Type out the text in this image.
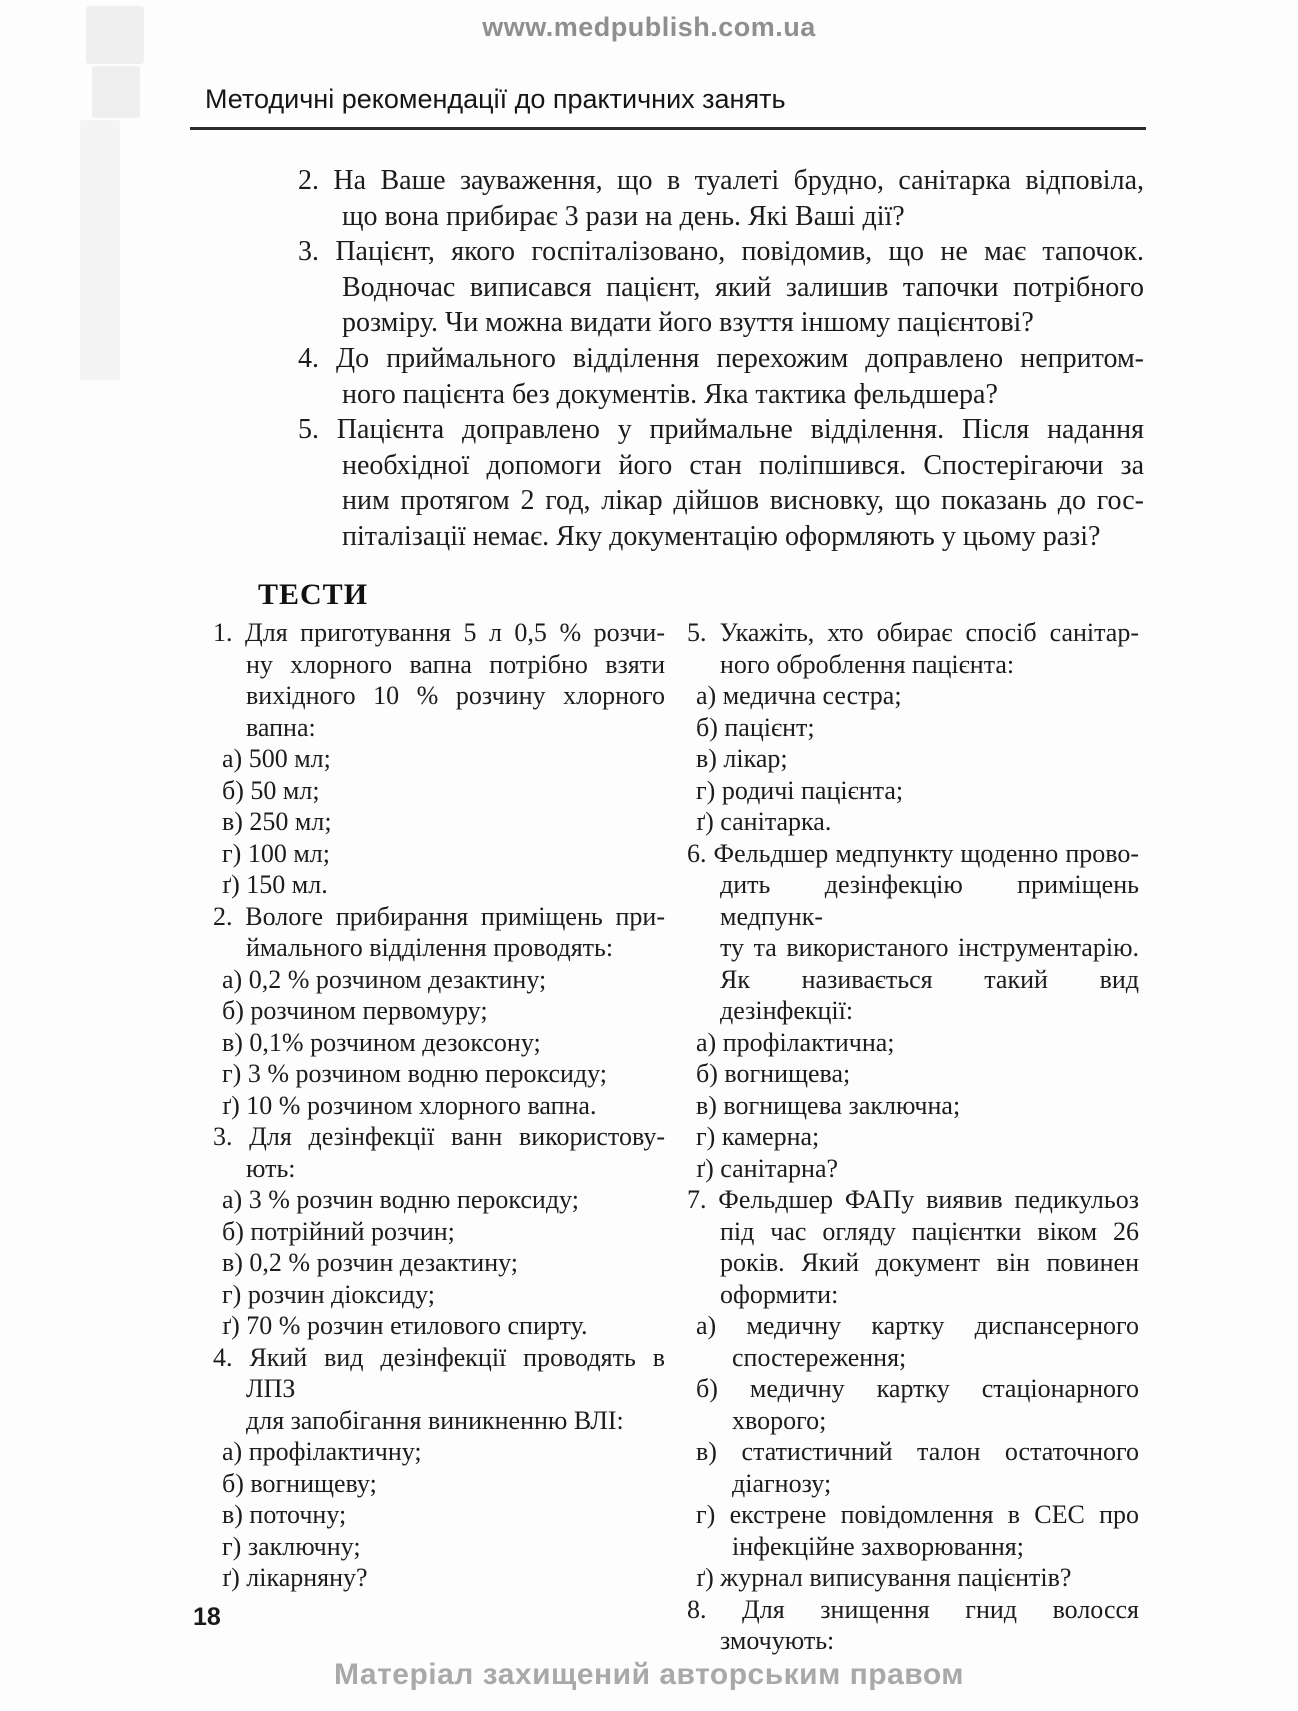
www.medpublish.com.ua
Методичні рекомендації до практичних занять
2. На Ваше зауваження, що в туалеті брудно, санітарка відповіла,
що вона прибирає 3 рази на день. Які Ваші дії?
3. Пацієнт, якого госпіталізовано, повідомив, що не має тапочок.
Водночас виписався пацієнт, який залишив тапочки потрібного
розміру. Чи можна видати його взуття іншому пацієнтові?
4. До приймального відділення перехожим доправлено непритом-
ного пацієнта без документів. Яка тактика фельдшера?
5. Пацієнта доправлено у приймальне відділення. Після надання
необхідної допомоги його стан поліпшився. Спостерігаючи за
ним протягом 2 год, лікар дійшов висновку, що показань до гос-
піталізації немає. Яку документацію оформляють у цьому разі?
ТЕСТИ
1. Для приготування 5 л 0,5 % розчи-
ну хлорного вапна потрібно взяти
вихідного 10 % розчину хлорного
вапна:
а) 500 мл;
б) 50 мл;
в) 250 мл;
г) 100 мл;
ґ) 150 мл.
2. Вологе прибирання приміщень при-
ймального відділення проводять:
а) 0,2 % розчином дезактину;
б) розчином первомуру;
в) 0,1% розчином дезоксону;
г) 3 % розчином водню пероксиду;
ґ) 10 % розчином хлорного вапна.
3. Для дезінфекції ванн використову-
ють:
а) 3 % розчин водню пероксиду;
б) потрійний розчин;
в) 0,2 % розчин дезактину;
г) розчин діоксиду;
ґ) 70 % розчин етилового спирту.
4. Який вид дезінфекції проводять в ЛПЗ
для запобігання виникненню ВЛІ:
а) профілактичну;
б) вогнищеву;
в) поточну;
г) заключну;
ґ) лікарняну?
5. Укажіть, хто обирає спосіб санітар-
ного оброблення пацієнта:
а) медична сестра;
б) пацієнт;
в) лікар;
г) родичі пацієнта;
ґ) санітарка.
6. Фельдшер медпункту щоденно прово-
дить дезінфекцію приміщень медпунк-
ту та використаного інструментарію.
Як називається такий вид дезінфекції:
а) профілактична;
б) вогнищева;
в) вогнищева заключна;
г) камерна;
ґ) санітарна?
7. Фельдшер ФАПу виявив педикульоз
під час огляду пацієнтки віком 26
років. Який документ він повинен
оформити:
а) медичну картку диспансерного
спостереження;
б) медичну картку стаціонарного
хворого;
в) статистичний талон остаточного
діагнозу;
г) екстрене повідомлення в СЕС про
інфекційне захворювання;
ґ) журнал виписування пацієнтів?
8. Для знищення гнид волосся змочують:
18
Матеріал захищений авторським правом
